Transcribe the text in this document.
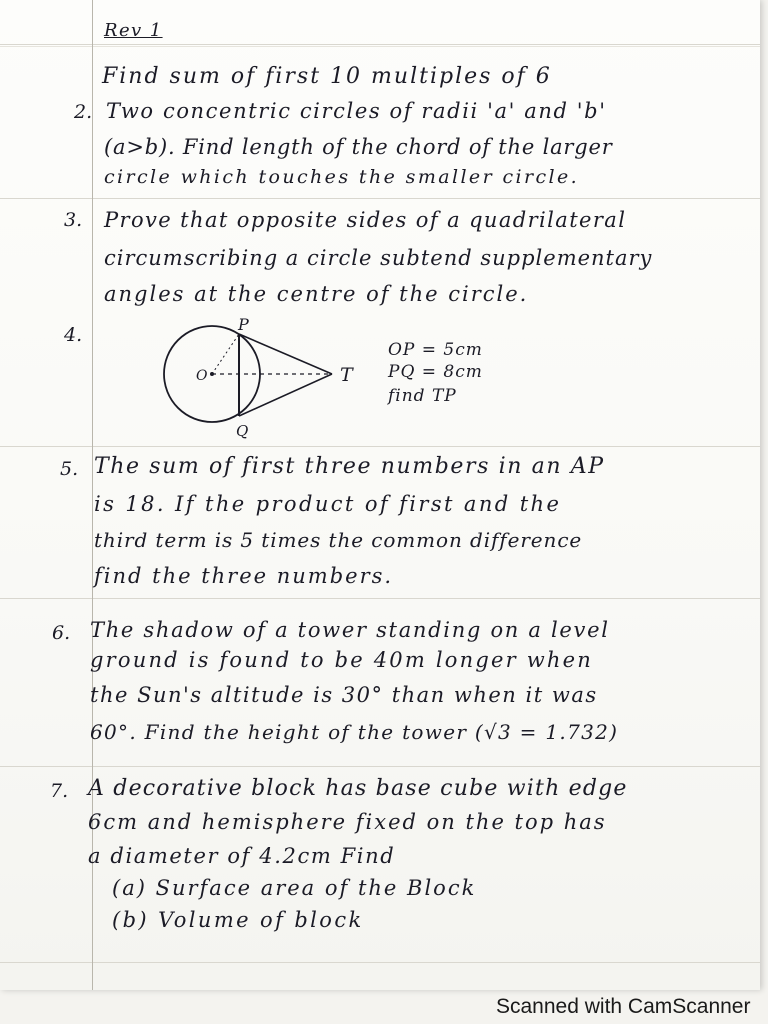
Rev 1
Find sum of first 10 multiples of 6
2. Two concentric circles of radii 'a' and 'b'
(a>b). Find length of the chord of the larger
circle which touches the smaller circle.
3. Prove that opposite sides of a quadrilateral
circumscribing a circle subtend supplementary
angles at the centre of the circle.
4.	P
Q
O	T
OP = 5cm
PQ = 8cm
find TP
5. The sum of first three numbers in an AP
is 18. If the product of first and the
third term is 5 times the common difference
find the three numbers.
6. The shadow of a tower standing on a level
ground is found to be 40m longer when
the Sun's altitude is 30° than when it was
60°. Find the height of the tower (√3 = 1.732)
7. A decorative block has base cube with edge
6cm and hemisphere fixed on the top has
a diameter of 4.2cm Find
(a) Surface area of the Block
(b) Volume of block
Scanned with CamScanner
